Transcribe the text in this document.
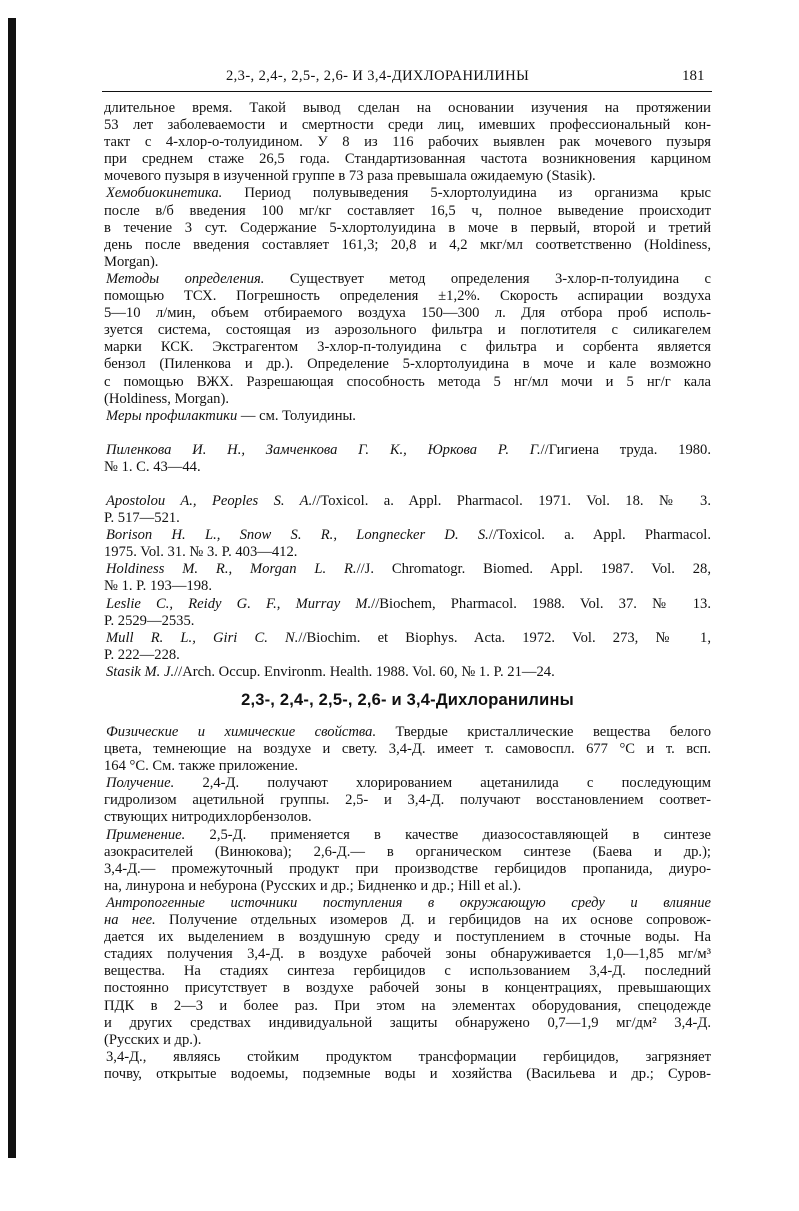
2,3-, 2,4-, 2,5-, 2,6- И 3,4-ДИХЛОРАНИЛИНЫ	181
длительное время. Такой вывод сделан на основании изучения на протяжении
53 лет заболеваемости и смертности среди лиц, имевших профессиональный кон-
такт с 4-хлор-о-толуидином. У 8 из 116 рабочих выявлен рак мочевого пузыря
при среднем стаже 26,5 года. Стандартизованная частота возникновения карцином
мочевого пузыря в изученной группе в 73 раза превышала ожидаемую (Stasik).
Хемобиокинетика. Период полувыведения 5-хлортолуидина из организма крыс
после в/б введения 100 мг/кг составляет 16,5 ч, полное выведение происходит
в течение 3 сут. Содержание 5-хлортолуидина в моче в первый, второй и третий
день после введения составляет 161,3; 20,8 и 4,2 мкг/мл соответственно (Holdiness,
Morgan).
Методы определения. Существует метод определения 3-хлор-п-толуидина с
помощью ТСХ. Погрешность определения ±1,2%. Скорость аспирации воздуха
5—10 л/мин, объем отбираемого воздуха 150—300 л. Для отбора проб исполь-
зуется система, состоящая из аэрозольного фильтра и поглотителя с силикагелем
марки КСК. Экстрагентом 3-хлор-п-толуидина с фильтра и сорбента является
бензол (Пиленкова и др.). Определение 5-хлортолуидина в моче и кале возможно
с помощью ВЖХ. Разрешающая способность метода 5 нг/мл мочи и 5 нг/г кала
(Holdiness, Morgan).
Меры профилактики — см. Толуидины.
Пиленкова И. Н., Замченкова Г. К., Юркова Р. Г.//Гигиена труда. 1980.
№ 1. С. 43—44.
Apostolou A., Peoples S. A.//Toxicol. a. Appl. Pharmacol. 1971. Vol. 18. № 3.
P. 517—521.
Borison H. L., Snow S. R., Longnecker D. S.//Toxicol. a. Appl. Pharmacol.
1975. Vol. 31. № 3. P. 403—412.
Holdiness M. R., Morgan L. R.//J. Chromatogr. Biomed. Appl. 1987. Vol. 28,
№ 1. P. 193—198.
Leslie C., Reidy G. F., Murray M.//Biochem, Pharmacol. 1988. Vol. 37. № 13.
P. 2529—2535.
Mull R. L., Giri C. N.//Biochim. et Biophys. Acta. 1972. Vol. 273, № 1,
P. 222—228.
Stasik M. J.//Arch. Occup. Environm. Health. 1988. Vol. 60, № 1. P. 21—24.
2,3-, 2,4-, 2,5-, 2,6- и 3,4-Дихлоранилины
Физические и химические свойства. Твердые кристаллические вещества белого
цвета, темнеющие на воздухе и свету. 3,4-Д. имеет т. самовоспл. 677 °С и т. всп.
164 °С. См. также приложение.
Получение. 2,4-Д. получают хлорированием ацетанилида с последующим
гидролизом ацетильной группы. 2,5- и 3,4-Д. получают восстановлением соответ-
ствующих нитродихлорбензолов.
Применение. 2,5-Д. применяется в качестве диазосоставляющей в синтезе
азокрасителей (Винюкова); 2,6-Д.— в органическом синтезе (Баева и др.);
3,4-Д.— промежуточный продукт при производстве гербицидов пропанида, диуро-
на, линурона и небурона (Русских и др.; Бидненко и др.; Hill et al.).
Антропогенные источники поступления в окружающую среду и влияние
на нее. Получение отдельных изомеров Д. и гербицидов на их основе сопровож-
дается их выделением в воздушную среду и поступлением в сточные воды. На
стадиях получения 3,4-Д. в воздухе рабочей зоны обнаруживается 1,0—1,85 мг/м³
вещества. На стадиях синтеза гербицидов с использованием 3,4-Д. последний
постоянно присутствует в воздухе рабочей зоны в концентрациях, превышающих
ПДК в 2—3 и более раз. При этом на элементах оборудования, спецодежде
и других средствах индивидуальной защиты обнаружено 0,7—1,9 мг/дм² 3,4-Д.
(Русских и др.).
3,4-Д., являясь стойким продуктом трансформации гербицидов, загрязняет
почву, открытые водоемы, подземные воды и хозяйства (Васильева и др.; Суров-
